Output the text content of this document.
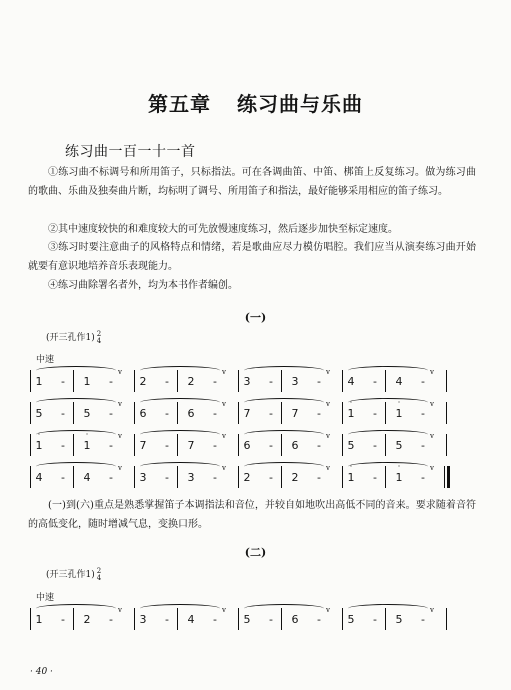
第五章 练习曲与乐曲
练习曲一百一十一首
①练习曲不标调号和所用笛子，只标指法。可在各调曲笛、中笛、梆笛上反复练习。做为练习曲的歌曲、乐曲及独奏曲片断，均标明了调号、所用笛子和指法，最好能够采用相应的笛子练习。
②其中速度较快的和难度较大的可先放慢速度练习，然后逐步加快至标定速度。
③练习时要注意曲子的风格特点和情绪，若是歌曲应尽力模仿唱腔。我们应当从演奏练习曲开始就要有意识地培养音乐表现能力。
④练习曲除署名者外，均为本书作者编创。
(一)
(开三孔作1) 2
4
中速
1 - 1 -
v
2 - 2 -
v
3 - 3 -
v
4 - 4 -
v
5 - 5 -
v
6 - 6 -
v
7 - 7 -
v
1
·
- 1
·
-
v
1
·
- 1
·
-
v
7 - 7 -
v
6 - 6 -
v
5 - 5 -
v
4 - 4 -
v
3 - 3 -
v
2 - 2 -
v
1
·
- 1
·
-
v
(一)到(六)重点是熟悉掌握笛子本调指法和音位，并较自如地吹出高低不同的音来。要求随着音符的高低变化，随时增减气息，变换口形。
(二)
(开三孔作1) 2
4
中速
1 - 2 -
v
3 - 4 -
v
5 - 6 -
v
5 - 5 -
v
· 40 ·
